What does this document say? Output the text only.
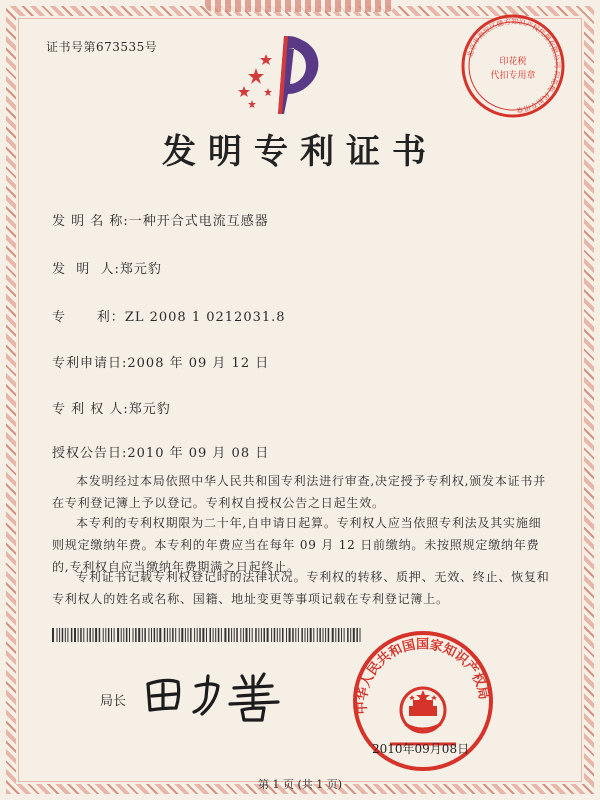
证书号第673535号
北京市海淀区德方知识产权代理有限公司 印花税 代扣专用章
印花税
代扣专用章
发明专利证书
发 明 名 称:一种开合式电流互感器
发  明  人:郑元豹
专      利：ZL 2008 1 0212031.8
专利申请日:2008 年 09 月 12 日
专 利 权 人:郑元豹
授权公告日:2010 年 09 月 08 日
本发明经过本局依照中华人民共和国专利法进行审查,决定授予专利权,颁发本证书并在专利登记簿上予以登记。专利权自授权公告之日起生效。
本专利的专利权期限为二十年,自申请日起算。专利权人应当依照专利法及其实施细则规定缴纳年费。本专利的年费应当在每年 09 月 12 日前缴纳。未按照规定缴纳年费的,专利权自应当缴纳年费期满之日起终止。
专利证书记载专利权登记时的法律状况。专利权的转移、质押、无效、终止、恢复和专利权人的姓名或名称、国籍、地址变更等事项记载在专利登记簿上。
局长	中华人民共和国国家知识产权局
2010年09月08日
第 1 页 (共 1 页)
